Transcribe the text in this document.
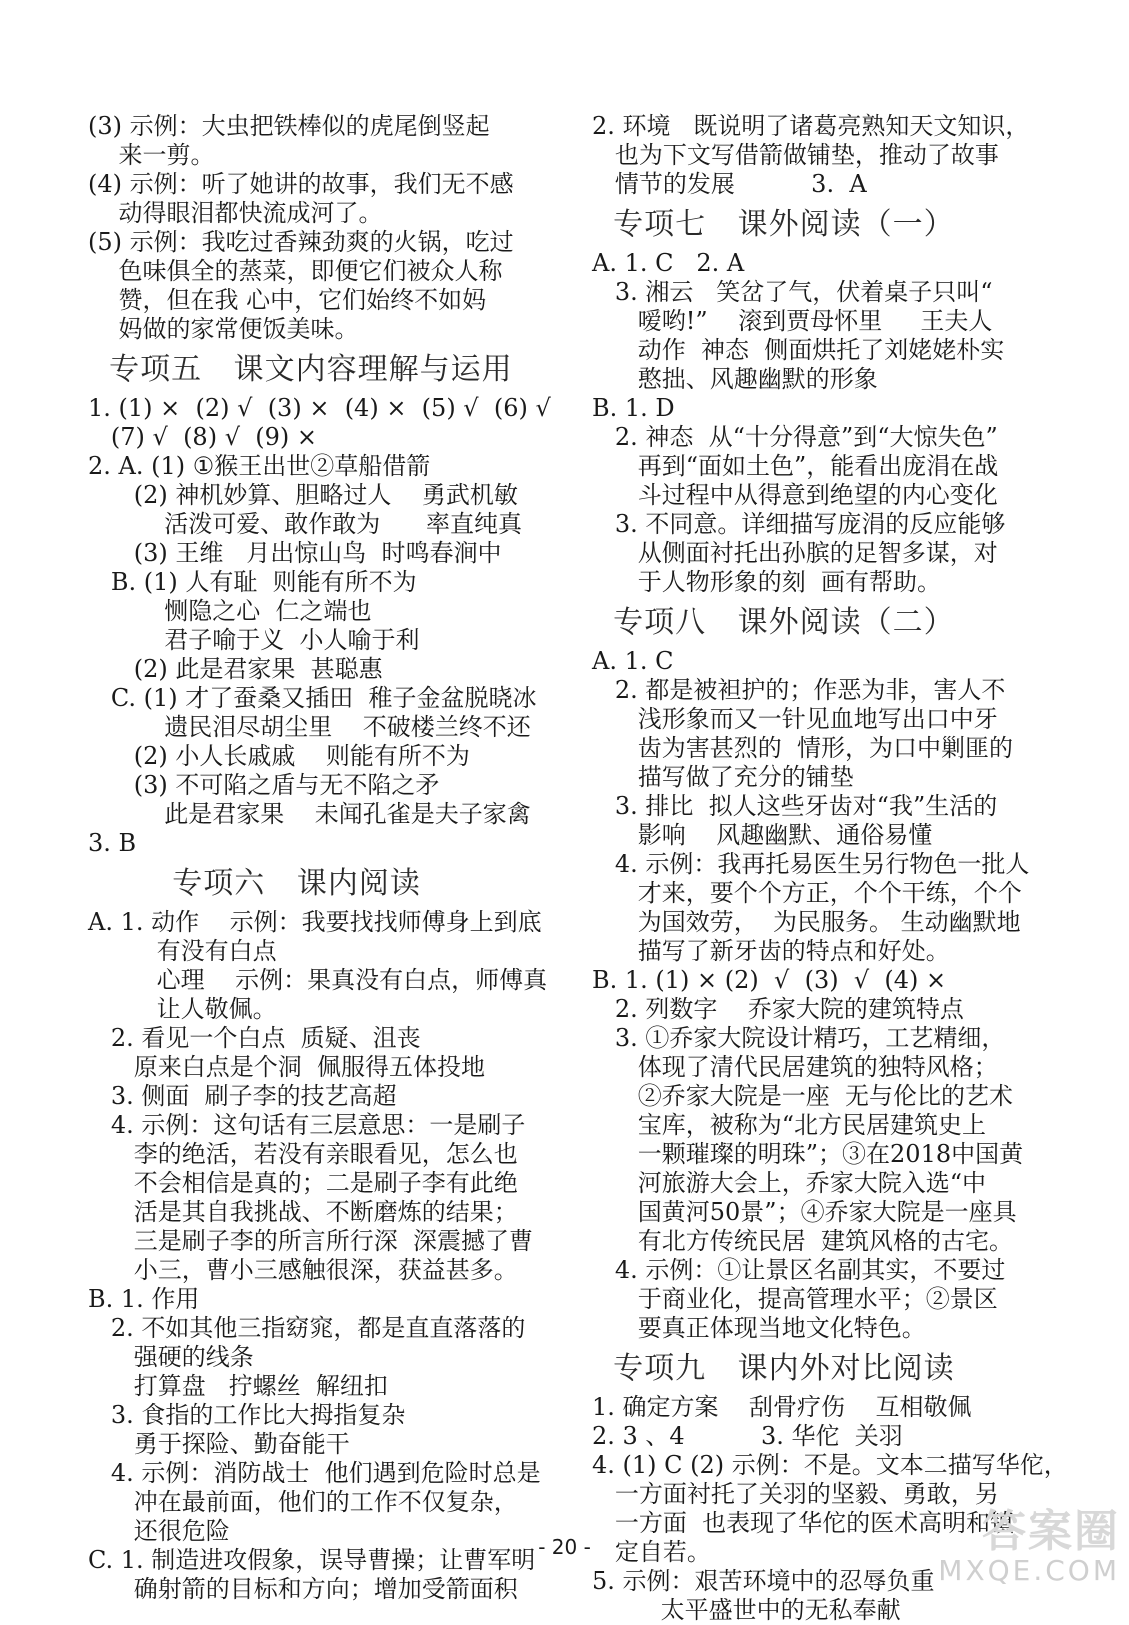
(3) 示例：大虫把铁棒似的虎尾倒竖起
来一剪。
(4) 示例：听了她讲的故事，我们无不感
动得眼泪都快流成河了。
(5) 示例：我吃过香辣劲爽的火锅，吃过
色味俱全的蒸菜，即便它们被众人称
赞，但在我 心中，它们始终不如妈
妈做的家常便饭美味。
专项五   课文内容理解与运用
1. (1) ×  (2) √  (3) ×  (4) ×  (5) √  (6) √
(7) √  (8) √  (9) ×
2. A. (1) ①猴王出世②草船借箭
(2) 神机妙算、胆略过人    勇武机敏
活泼可爱、敢作敢为      率直纯真
(3) 王维   月出惊山鸟  时鸣春涧中
B. (1) 人有耻  则能有所不为
恻隐之心  仁之端也
君子喻于义  小人喻于利
(2) 此是君家果  甚聪惠
C. (1) 才了蚕桑又插田  稚子金盆脱晓冰
遗民泪尽胡尘里    不破楼兰终不还
(2) 小人长戚戚    则能有所不为
(3) 不可陷之盾与无不陷之矛
此是君家果    未闻孔雀是夫子家禽
3. B
专项六   课内阅读
A. 1. 动作    示例：我要找找师傅身上到底
有没有白点
心理    示例：果真没有白点，师傅真
让人敬佩。
2. 看见一个白点  质疑、沮丧
原来白点是个洞  佩服得五体投地
3. 侧面  刷子李的技艺高超
4. 示例：这句话有三层意思：一是刷子
李的绝活，若没有亲眼看见，怎么也
不会相信是真的；二是刷子李有此绝
活是其自我挑战、不断磨炼的结果；
三是刷子李的所言所行深  深震撼了曹
小三，曹小三感触很深，获益甚多。
B. 1. 作用
2. 不如其他三指窈窕，都是直直落落的
强硬的线条
打算盘   拧螺丝  解纽扣
3. 食指的工作比大拇指复杂
勇于探险、勤奋能干
4. 示例：消防战士  他们遇到危险时总是
冲在最前面，他们的工作不仅复杂，
还很危险
C. 1. 制造进攻假象，误导曹操；让曹军明
确射箭的目标和方向；增加受箭面积
2. 环境   既说明了诸葛亮熟知天文知识，
也为下文写借箭做铺垫，推动了故事
情节的发展          3.  A
专项七   课外阅读（一）
A. 1. C   2. A
3. 湘云   笑岔了气，伏着桌子只叫“
嗳哟!”    滚到贾母怀里     王夫人
动作  神态  侧面烘托了刘姥姥朴实
憨拙、风趣幽默的形象
B. 1. D
2. 神态  从“十分得意”到“大惊失色”
再到“面如土色”，能看出庞涓在战
斗过程中从得意到绝望的内心变化
3. 不同意。详细描写庞涓的反应能够
从侧面衬托出孙膑的足智多谋，对
于人物形象的刻  画有帮助。
专项八   课外阅读（二）
A. 1. C
2. 都是被袒护的；作恶为非，害人不
浅形象而又一针见血地写出口中牙
齿为害甚烈的  情形，为口中剿匪的
描写做了充分的铺垫
3. 排比  拟人这些牙齿对“我”生活的
影响    风趣幽默、通俗易懂
4. 示例：我再托易医生另行物色一批人
才来，要个个方正，个个干练，个个
为国效劳，  为民服务。 生动幽默地
描写了新牙齿的特点和好处。
B. 1. (1) × (2)  √  (3)  √  (4) ×
2. 列数字    乔家大院的建筑特点
3. ①乔家大院设计精巧，工艺精细，
体现了清代民居建筑的独特风格；
②乔家大院是一座  无与伦比的艺术
宝库，被称为“北方民居建筑史上
一颗璀璨的明珠”；③在2018中国黄
河旅游大会上，乔家大院入选“中
国黄河50景”；④乔家大院是一座具
有北方传统民居  建筑风格的古宅。
4. 示例：①让景区名副其实，不要过
于商业化，提高管理水平；②景区
要真正体现当地文化特色。
专项九   课内外对比阅读
1. 确定方案    刮骨疗伤    互相敬佩
2. 3 、4          3. 华佗  关羽
4. (1) C (2) 示例：不是。文本二描写华佗，
一方面衬托了关羽的坚毅、勇敢，另
一方面  也表现了华佗的医术高明和镇
定自若。
5. 示例：艰苦环境中的忍辱负重
太平盛世中的无私奉献
- 20 -	答案圈
MXQE.COM
